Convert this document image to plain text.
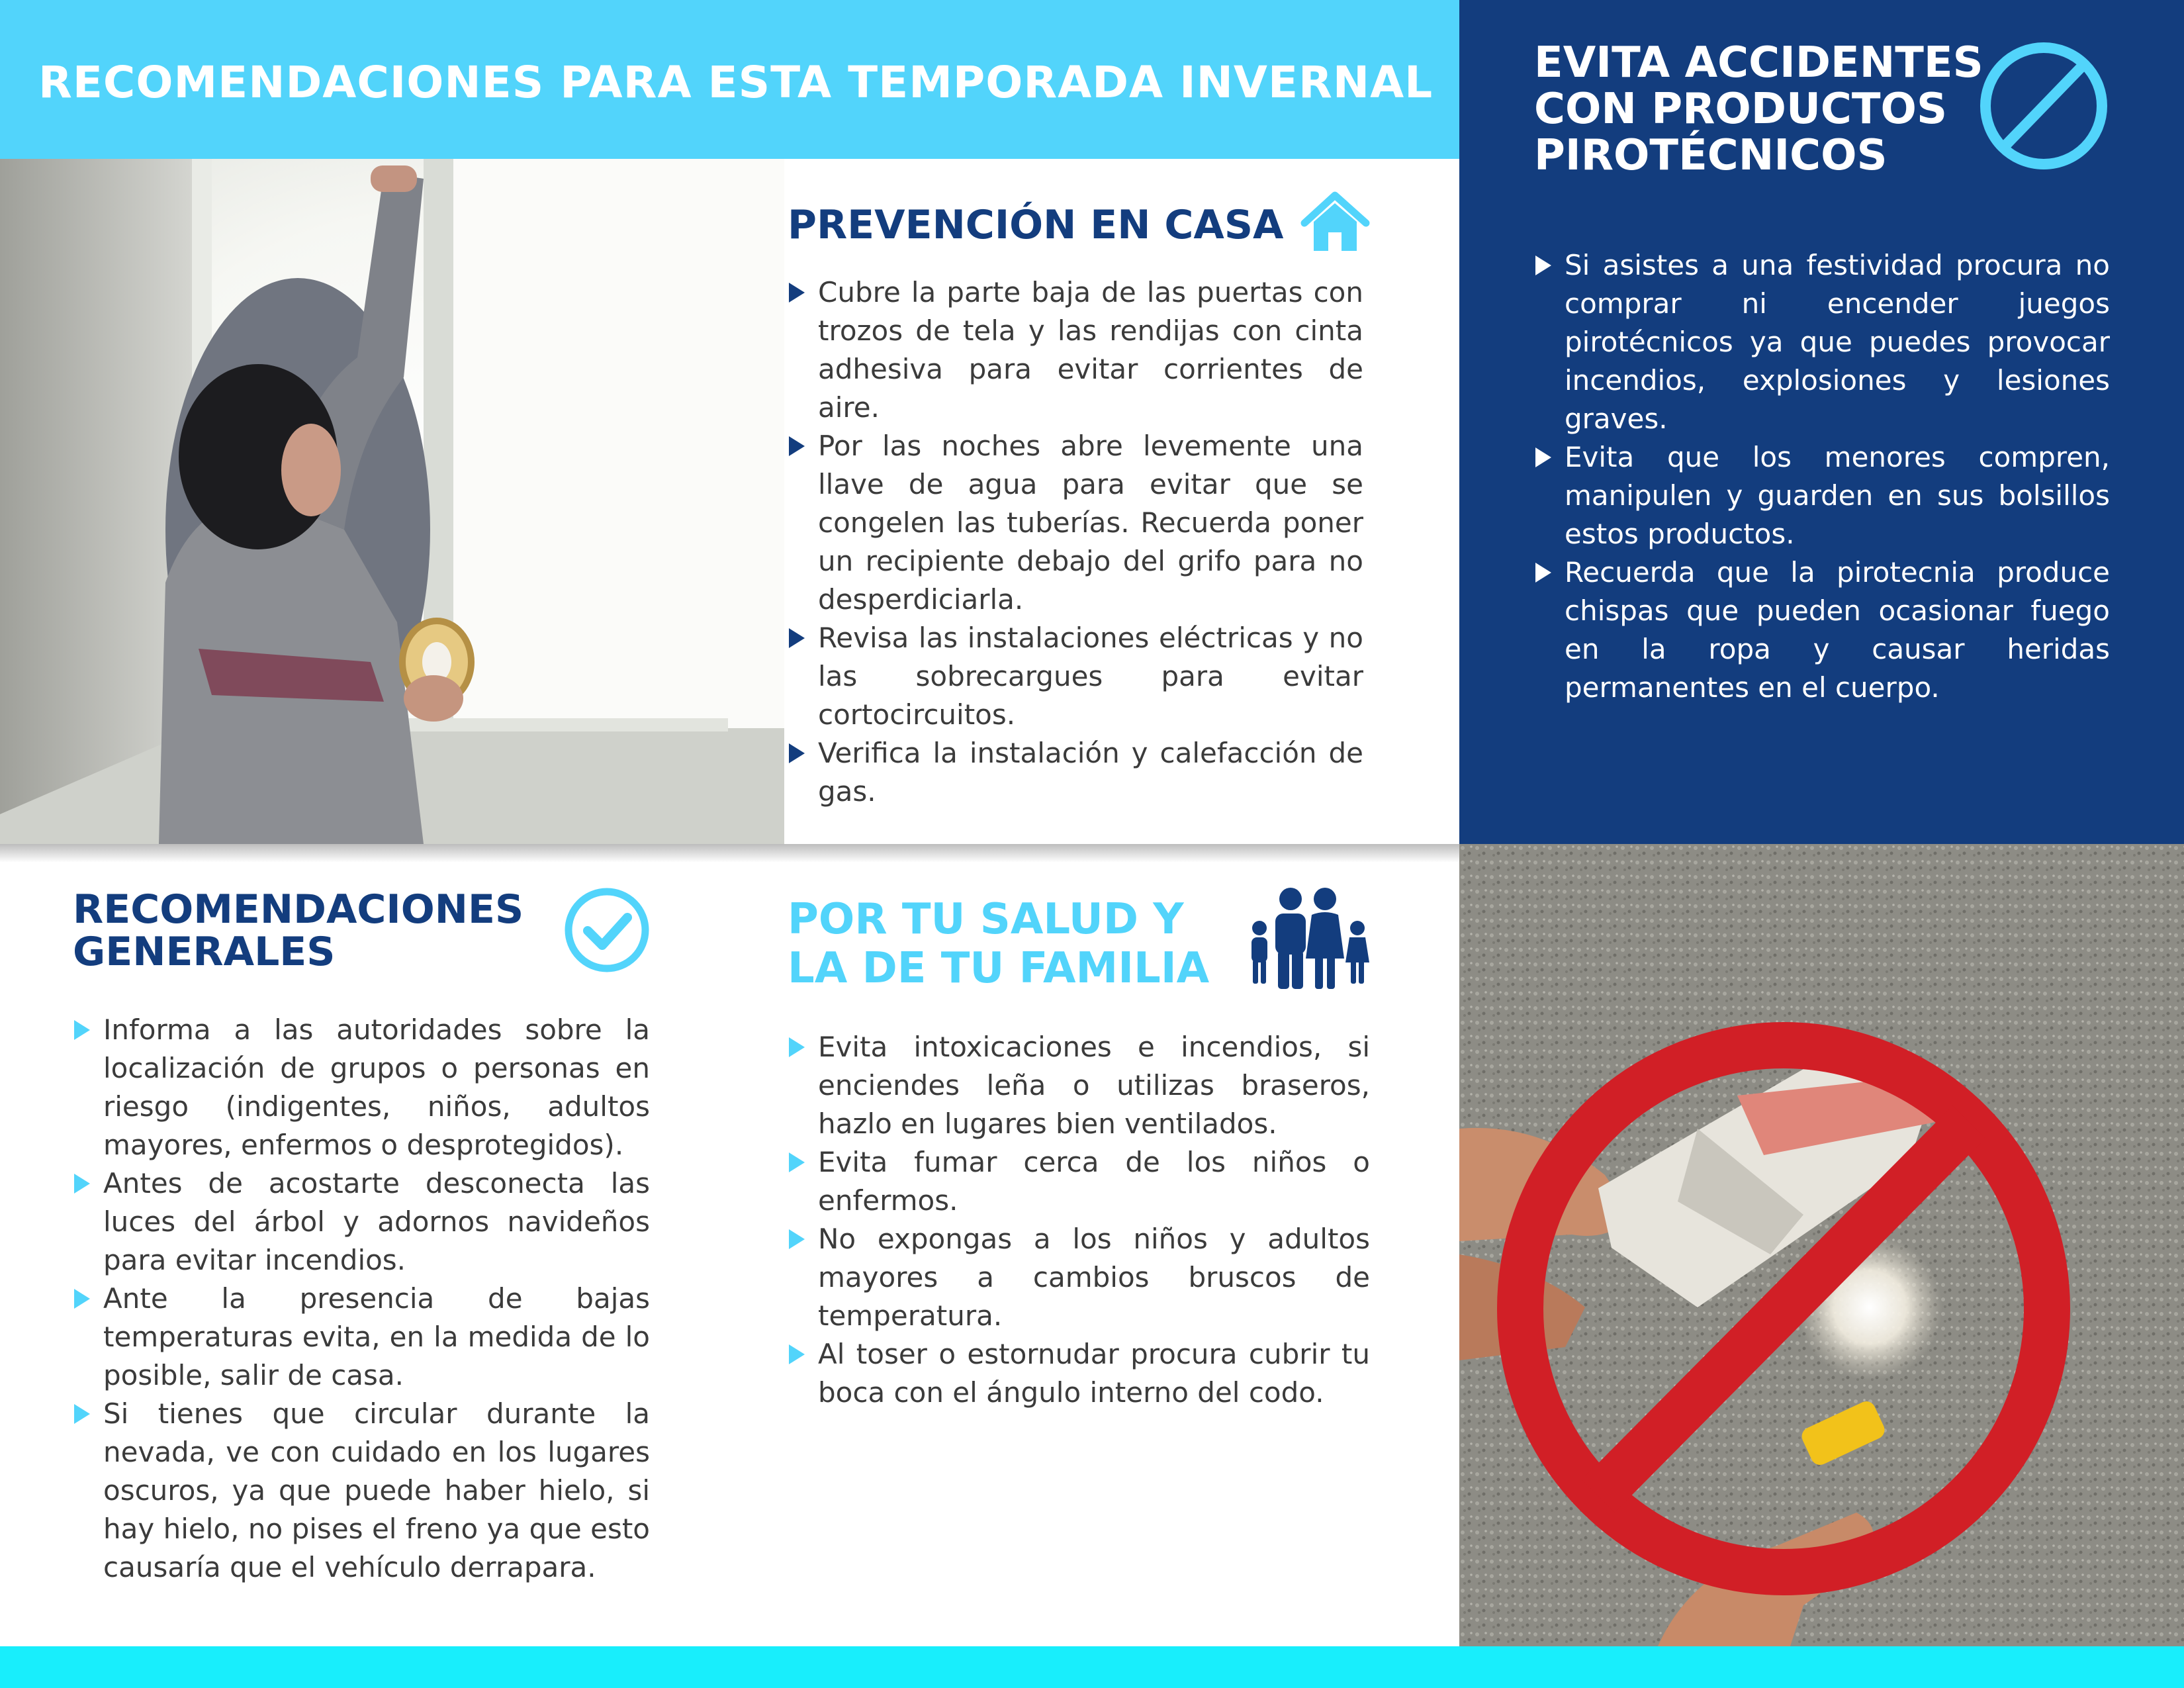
RECOMENDACIONES PARA ESTA TEMPORADA INVERNAL EVITA ACCIDENTES
CON PRODUCTOS
PIROTÉCNICOS
Si asistes a una festividad procura no comprar ni encender juegos pirotécnicos ya que puedes provocar incendios, explosiones y lesiones graves.
Evita que los menores compren, manipulen y guarden en sus bolsillos estos productos.
Recuerda que la pirotecnia produce chispas que pueden ocasionar fuego en la ropa y causar heridas permanentes en el cuerpo.
PREVENCIÓN EN CASA
Cubre la parte baja de las puertas con trozos de tela y las rendijas con cinta adhesiva para evitar corrientes de aire.
Por las noches abre levemente una llave de agua para evitar que se congelen las tuberías. Recuerda poner un recipiente debajo del grifo para no desperdiciarla.
Revisa las instalaciones eléctricas y no las sobrecargues para evitar cortocircuitos.
Verifica la instalación y calefacción de gas.
RECOMENDACIONES
GENERALES
Informa a las autoridades sobre la localización de grupos o personas en riesgo (indigentes, niños, adultos mayores, enfermos o desprotegidos).
Antes de acostarte desconecta las luces del árbol y adornos navideños para evitar incendios.
Ante la presencia de bajas temperaturas evita, en la medida de lo posible, salir de casa.
Si tienes que circular durante la nevada, ve con cuidado en los lugares oscuros, ya que puede haber hielo, si hay hielo, no pises el freno ya que esto causaría que el vehículo derrapara.
POR TU SALUD Y
LA DE TU FAMILIA
Evita intoxicaciones e incendios, si enciendes leña o utilizas braseros, hazlo en lugares bien ventilados.
Evita fumar cerca de los niños o enfermos.
No expongas a los niños y adultos mayores a cambios bruscos de temperatura.
Al toser o estornudar procura cubrir tu boca con el ángulo interno del codo.
